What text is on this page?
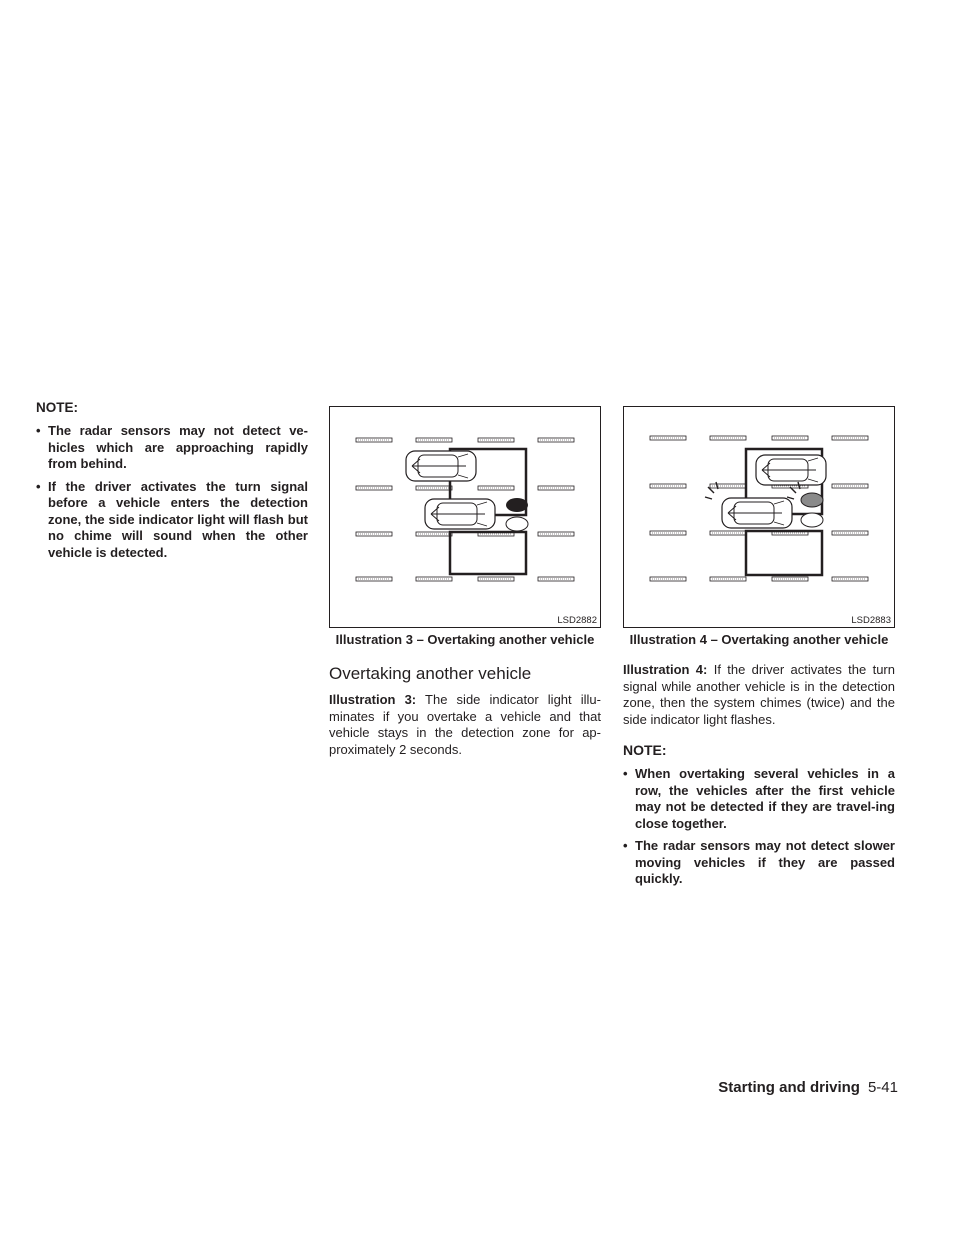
NOTE:
• The radar sensors may not detect ve-hicles which are approaching rapidly from behind.
• If the driver activates the turn signal before a vehicle enters the detection zone, the side indicator light will flash but no chime will sound when the other vehicle is detected.
LSD2882
Illustration 3 – Overtaking another vehicle
LSD2883
Illustration 4 – Overtaking another vehicle
Overtaking another vehicle

Illustration 3: The side indicator light illu-minates if you overtake a vehicle and that vehicle stays in the detection zone for ap-proximately 2 seconds.

Illustration 4: If the driver activates the turn signal while another vehicle is in the detection zone, then the system chimes (twice) and the side indicator light flashes.

NOTE:
• When overtaking several vehicles in a row, the vehicles after the first vehicle may not be detected if they are travel-ing close together.
• The radar sensors may not detect slower moving vehicles if they are passed quickly.
Starting and driving 5-41
